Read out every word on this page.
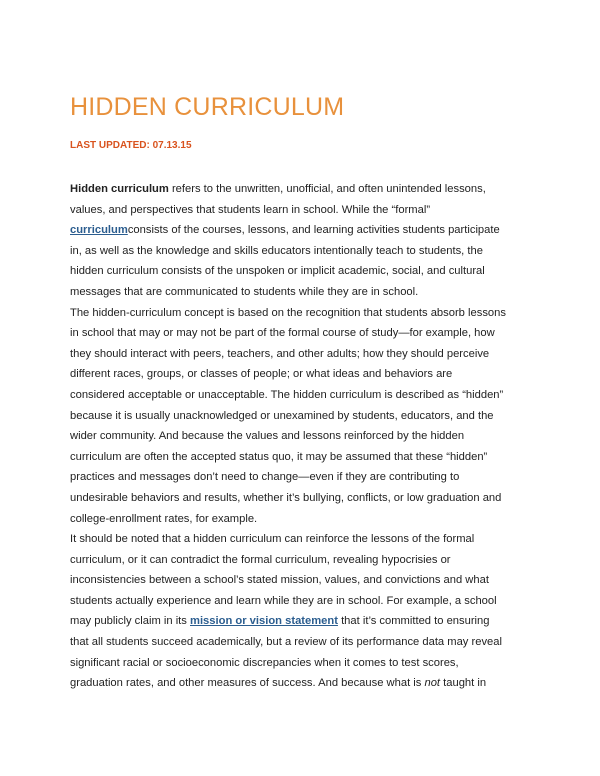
HIDDEN CURRICULUM
LAST UPDATED: 07.13.15

Hidden curriculum refers to the unwritten, unofficial, and often unintended lessons,
values, and perspectives that students learn in school. While the “formal”
curriculumconsists of the courses, lessons, and learning activities students participate
in, as well as the knowledge and skills educators intentionally teach to students, the
hidden curriculum consists of the unspoken or implicit academic, social, and cultural
messages that are communicated to students while they are in school.

The hidden-curriculum concept is based on the recognition that students absorb lessons
in school that may or may not be part of the formal course of study—for example, how
they should interact with peers, teachers, and other adults; how they should perceive
different races, groups, or classes of people; or what ideas and behaviors are
considered acceptable or unacceptable. The hidden curriculum is described as “hidden”
because it is usually unacknowledged or unexamined by students, educators, and the
wider community. And because the values and lessons reinforced by the hidden
curriculum are often the accepted status quo, it may be assumed that these “hidden”
practices and messages don’t need to change—even if they are contributing to
undesirable behaviors and results, whether it’s bullying, conflicts, or low graduation and
college-enrollment rates, for example.

It should be noted that a hidden curriculum can reinforce the lessons of the formal
curriculum, or it can contradict the formal curriculum, revealing hypocrisies or
inconsistencies between a school’s stated mission, values, and convictions and what
students actually experience and learn while they are in school. For example, a school
may publicly claim in its mission or vision statement that it’s committed to ensuring
that all students succeed academically, but a review of its performance data may reveal
significant racial or socioeconomic discrepancies when it comes to test scores,
graduation rates, and other measures of success. And because what is not taught in
